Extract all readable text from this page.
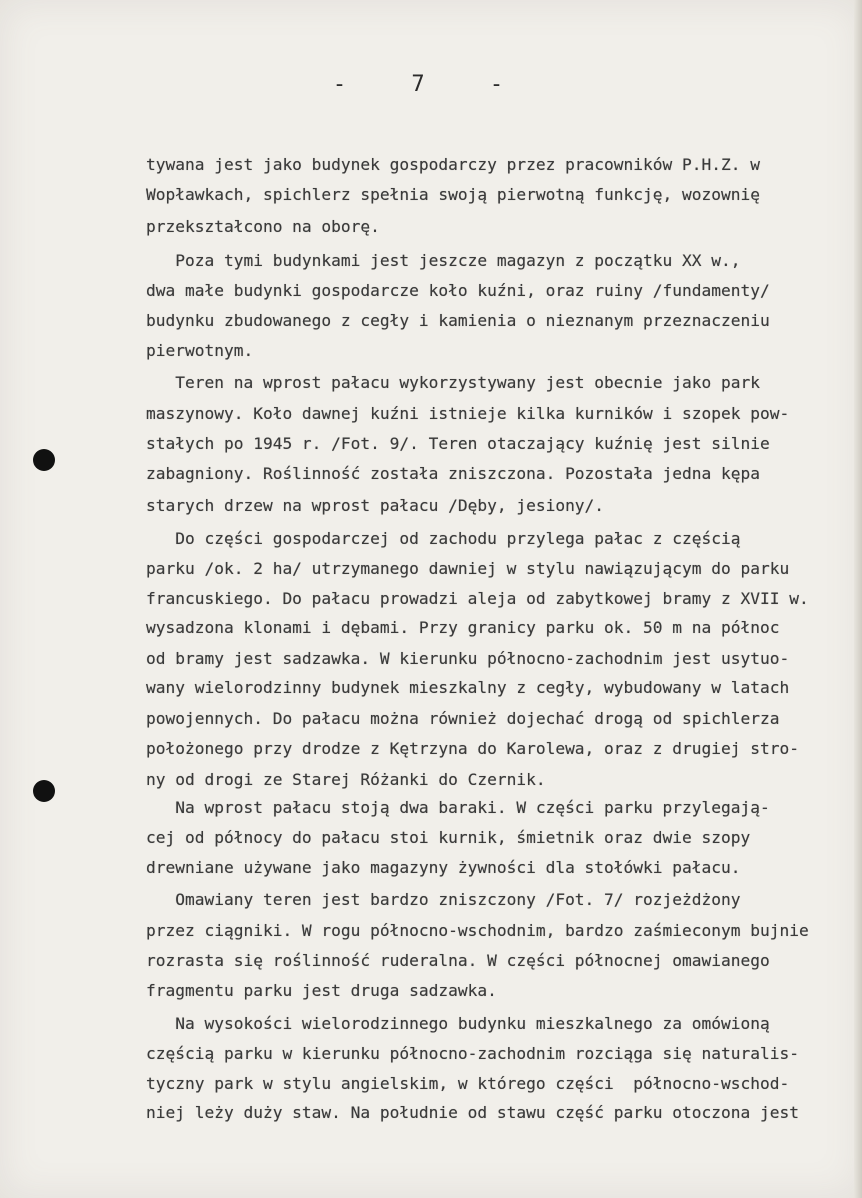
- 7 -
tywana jest jako budynek gospodarczy przez pracowników P.H.Z. w
Wopławkach, spichlerz spełnia swoją pierwotną funkcję, wozownię
przekształcono na oborę.
Poza tymi budynkami jest jeszcze magazyn z początku XX w.,
dwa małe budynki gospodarcze koło kuźni, oraz ruiny /fundamenty/
budynku zbudowanego z cegły i kamienia o nieznanym przeznaczeniu
pierwotnym.
Teren na wprost pałacu wykorzystywany jest obecnie jako park
maszynowy. Koło dawnej kuźni istnieje kilka kurników i szopek pow-
stałych po 1945 r. /Fot. 9/. Teren otaczający kuźnię jest silnie
zabagniony. Roślinność została zniszczona. Pozostała jedna kępa
starych drzew na wprost pałacu /Dęby, jesiony/.
Do części gospodarczej od zachodu przylega pałac z częścią
parku /ok. 2 ha/ utrzymanego dawniej w stylu nawiązującym do parku
francuskiego. Do pałacu prowadzi aleja od zabytkowej bramy z XVII w.
wysadzona klonami i dębami. Przy granicy parku ok. 50 m na północ
od bramy jest sadzawka. W kierunku północno-zachodnim jest usytuo-
wany wielorodzinny budynek mieszkalny z cegły, wybudowany w latach
powojennych. Do pałacu można również dojechać drogą od spichlerza
położonego przy drodze z Kętrzyna do Karolewa, oraz z drugiej stro-
ny od drogi ze Starej Różanki do Czernik.
Na wprost pałacu stoją dwa baraki. W części parku przylegają-
cej od północy do pałacu stoi kurnik, śmietnik oraz dwie szopy
drewniane używane jako magazyny żywności dla stołówki pałacu.
Omawiany teren jest bardzo zniszczony /Fot. 7/ rozjeżdżony
przez ciągniki. W rogu północno-wschodnim, bardzo zaśmieconym bujnie
rozrasta się roślinność ruderalna. W części północnej omawianego
fragmentu parku jest druga sadzawka.
Na wysokości wielorodzinnego budynku mieszkalnego za omówioną
częścią parku w kierunku północno-zachodnim rozciąga się naturalis-
tyczny park w stylu angielskim, w którego części  północno-wschod-
niej leży duży staw. Na południe od stawu część parku otoczona jest
